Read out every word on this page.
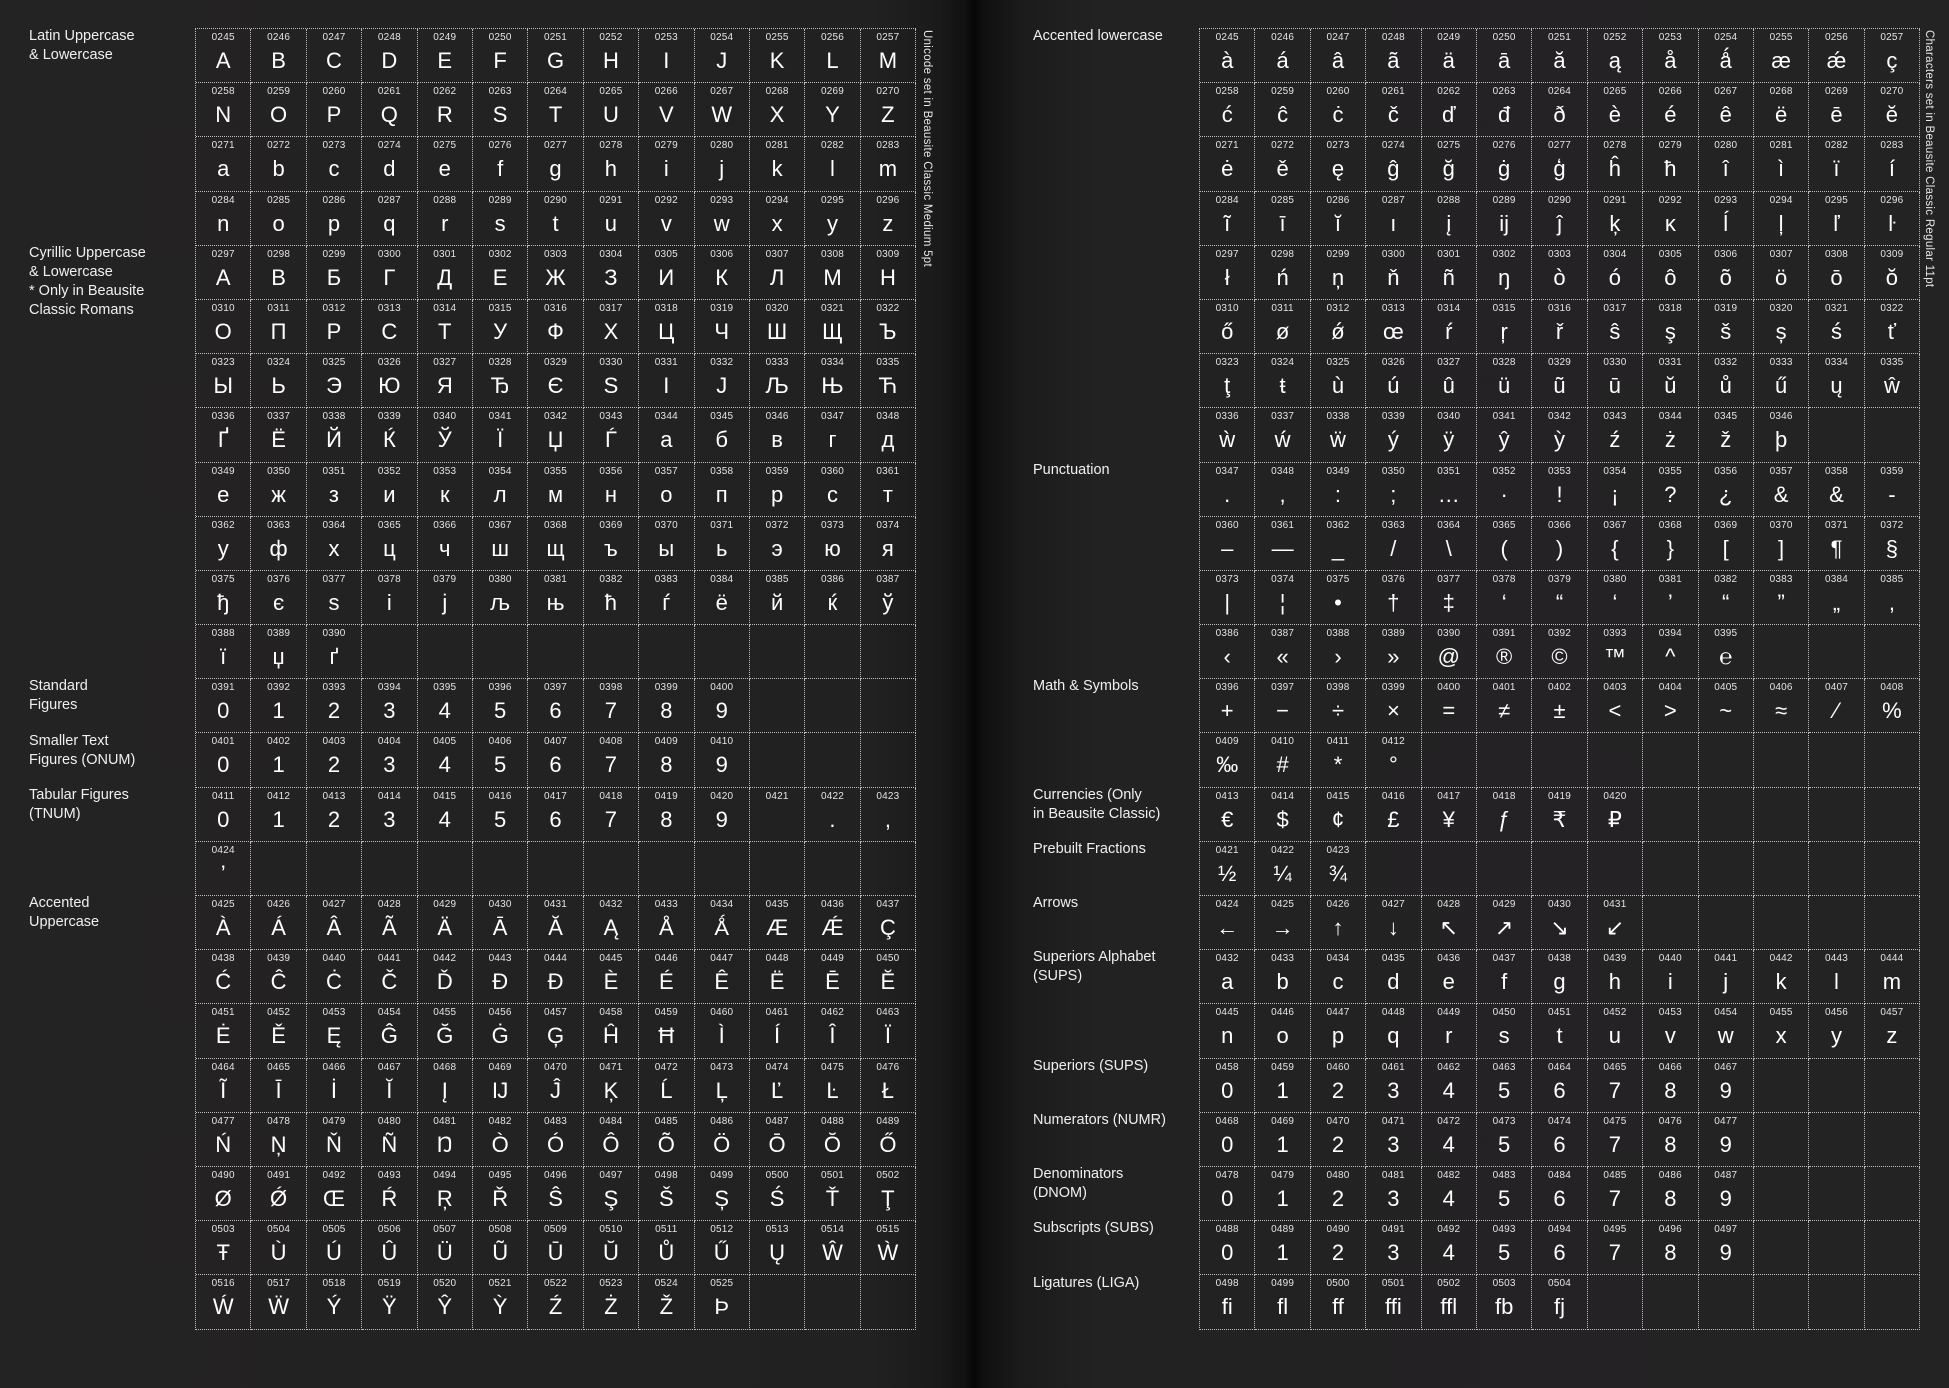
0245
A
0246
B
0247
C
0248
D
0249
E
0250
F
0251
G
0252
H
0253
I
0254
J
0255
K
0256
L
0257
M
0258
N
0259
O
0260
P
0261
Q
0262
R
0263
S
0264
T
0265
U
0266
V
0267
W
0268
X
0269
Y
0270
Z
0271
a
0272
b
0273
c
0274
d
0275
e
0276
f
0277
g
0278
h
0279
i
0280
j
0281
k
0282
l
0283
m
0284
n
0285
o
0286
p
0287
q
0288
r
0289
s
0290
t
0291
u
0292
v
0293
w
0294
x
0295
y
0296
z
0297
А
0298
В
0299
Б
0300
Г
0301
Д
0302
Е
0303
Ж
0304
З
0305
И
0306
К
0307
Л
0308
М
0309
Н
0310
О
0311
П
0312
Р
0313
С
0314
Т
0315
У
0316
Ф
0317
Х
0318
Ц
0319
Ч
0320
Ш
0321
Щ
0322
Ъ
0323
Ы
0324
Ь
0325
Э
0326
Ю
0327
Я
0328
Ђ
0329
Є
0330
Ѕ
0331
І
0332
Ј
0333
Љ
0334
Њ
0335
Ћ
0336
Ґ
0337
Ë
0338
Й
0339
Ќ
0340
Ў
0341
Ї
0342
Џ
0343
Ѓ
0344
а
0345
б
0346
в
0347
г
0348
д
0349
е
0350
ж
0351
з
0352
и
0353
к
0354
л
0355
м
0356
н
0357
о
0358
п
0359
р
0360
с
0361
т
0362
у
0363
ф
0364
х
0365
ц
0366
ч
0367
ш
0368
щ
0369
ъ
0370
ы
0371
ь
0372
э
0373
ю
0374
я
0375
ђ
0376
є
0377
ѕ
0378
і
0379
ј
0380
љ
0381
њ
0382
ћ
0383
ѓ
0384
ё
0385
й
0386
ќ
0387
ў
0388
ї
0389
џ
0390
ґ
0391
0
0392
1
0393
2
0394
3
0395
4
0396
5
0397
6
0398
7
0399
8
0400
9
0401
0
0402
1
0403
2
0404
3
0405
4
0406
5
0407
6
0408
7
0409
8
0410
9
0411
0
0412
1
0413
2
0414
3
0415
4
0416
5
0417
6
0418
7
0419
8
0420
9
0421	0422
.
0423
,
0424
’
0425
À
0426
Á
0427
Â
0428
Ã
0429
Ä
0430
Ā
0431
Ă
0432
Ą
0433
Å
0434
Ǻ
0435
Æ
0436
Ǽ
0437
Ç
0438
Ć
0439
Ĉ
0440
Ċ
0441
Č
0442
Ď
0443
Đ
0444
Ð
0445
È
0446
É
0447
Ê
0448
Ë
0449
Ē
0450
Ĕ
0451
Ė
0452
Ě
0453
Ę
0454
Ĝ
0455
Ğ
0456
Ġ
0457
Ģ
0458
Ĥ
0459
Ħ
0460
Ì
0461
Í
0462
Î
0463
Ï
0464
Ĩ
0465
Ī
0466
İ
0467
Ĭ
0468
Į
0469
Ĳ
0470
Ĵ
0471
Ķ
0472
Ĺ
0473
Ļ
0474
Ľ
0475
Ŀ
0476
Ł
0477
Ń
0478
Ņ
0479
Ň
0480
Ñ
0481
Ŋ
0482
Ò
0483
Ó
0484
Ô
0485
Õ
0486
Ö
0487
Ō
0488
Ŏ
0489
Ő
0490
Ø
0491
Ǿ
0492
Œ
0493
Ŕ
0494
Ŗ
0495
Ř
0496
Ŝ
0497
Ş
0498
Š
0499
Ș
0500
Ś
0501
Ť
0502
Ţ
0503
Ŧ
0504
Ù
0505
Ú
0506
Û
0507
Ü
0508
Ũ
0509
Ū
0510
Ŭ
0511
Ů
0512
Ű
0513
Ų
0514
Ŵ
0515
Ẁ
0516
Ẃ
0517
Ẅ
0518
Ý
0519
Ÿ
0520
Ŷ
0521
Ỳ
0522
Ź
0523
Ż
0524
Ž
0525
Þ
Unicode set in Beausite Classic Medium 5pt
Latin Uppercase
& Lowercase
Cyrillic Uppercase
& Lowercase
* Only in Beausite
Classic Romans
Standard
Figures
Smaller Text
Figures (ONUM)
Tabular Figures
(TNUM)
Accented
Uppercase
0245
à
0246
á
0247
â
0248
ã
0249
ä
0250
ā
0251
ă
0252
ą
0253
å
0254
ǻ
0255
æ
0256
ǽ
0257
ç
0258
ć
0259
ĉ
0260
ċ
0261
č
0262
ď
0263
đ
0264
ð
0265
è
0266
é
0267
ê
0268
ë
0269
ē
0270
ĕ
0271
ė
0272
ě
0273
ę
0274
ĝ
0275
ğ
0276
ġ
0277
ģ
0278
ĥ
0279
ħ
0280
î
0281
ì
0282
ï
0283
í
0284
ĩ
0285
ī
0286
ĭ
0287
ı
0288
į
0289
ĳ
0290
ĵ
0291
ķ
0292
ĸ
0293
ĺ
0294
ļ
0295
ľ
0296
ŀ
0297
ł
0298
ń
0299
ņ
0300
ň
0301
ñ
0302
ŋ
0303
ò
0304
ó
0305
ô
0306
õ
0307
ö
0308
ō
0309
ŏ
0310
ő
0311
ø
0312
ǿ
0313
œ
0314
ŕ
0315
ŗ
0316
ř
0317
ŝ
0318
ş
0319
š
0320
ș
0321
ś
0322
ť
0323
ţ
0324
ŧ
0325
ù
0326
ú
0327
û
0328
ü
0329
ũ
0330
ū
0331
ŭ
0332
ů
0333
ű
0334
ų
0335
ŵ
0336
ẁ
0337
ẃ
0338
ẅ
0339
ý
0340
ÿ
0341
ŷ
0342
ỳ
0343
ź
0344
ż
0345
ž
0346
þ
0347
.
0348
,
0349
:
0350
;
0351
…
0352
·
0353
!
0354
¡
0355
?
0356
¿
0357
&
0358
&
0359
-
0360
–
0361
—
0362
_
0363
/
0364
\
0365
(
0366
)
0367
{
0368
}
0369
[
0370
]
0371
¶
0372
§
0373
|
0374
¦
0375
•
0376
†
0377
‡
0378
‘
0379
“
0380
‘
0381
’
0382
“
0383
”
0384
„
0385
,
0386
‹
0387
«
0388
›
0389
»
0390
@
0391
®
0392
©
0393
™
0394
^
0395
℮
0396
+
0397
−
0398
÷
0399
×
0400
=
0401
≠
0402
±
0403
<
0404
>
0405
~
0406
≈
0407
⁄
0408
%
0409
‰
0410
#
0411
*
0412
°
0413
€
0414
$
0415
¢
0416
£
0417
¥
0418
ƒ
0419
₹
0420
₽
0421
½
0422
¼
0423
¾
0424
←
0425
→
0426
↑
0427
↓
0428
↖
0429
↗
0430
↘
0431
↙
0432
a
0433
b
0434
c
0435
d
0436
e
0437
f
0438
g
0439
h
0440
i
0441
j
0442
k
0443
l
0444
m
0445
n
0446
o
0447
p
0448
q
0449
r
0450
s
0451
t
0452
u
0453
v
0454
w
0455
x
0456
y
0457
z
0458
0
0459
1
0460
2
0461
3
0462
4
0463
5
0464
6
0465
7
0466
8
0467
9
0468
0
0469
1
0470
2
0471
3
0472
4
0473
5
0474
6
0475
7
0476
8
0477
9
0478
0
0479
1
0480
2
0481
3
0482
4
0483
5
0484
6
0485
7
0486
8
0487
9
0488
0
0489
1
0490
2
0491
3
0492
4
0493
5
0494
6
0495
7
0496
8
0497
9
0498
ﬁ
0499
ﬂ
0500
ff
0501
ffi
0502
ffl
0503
fb
0504
fj
Characters set in Beausite Classic Regular 11pt
Accented lowercase
Punctuation
Math & Symbols
Currencies (Only
in Beausite Classic)
Prebuilt Fractions
Arrows
Superiors Alphabet
(SUPS)
Superiors (SUPS)
Numerators (NUMR)
Denominators
(DNOM)
Subscripts (SUBS)
Ligatures (LIGA)
